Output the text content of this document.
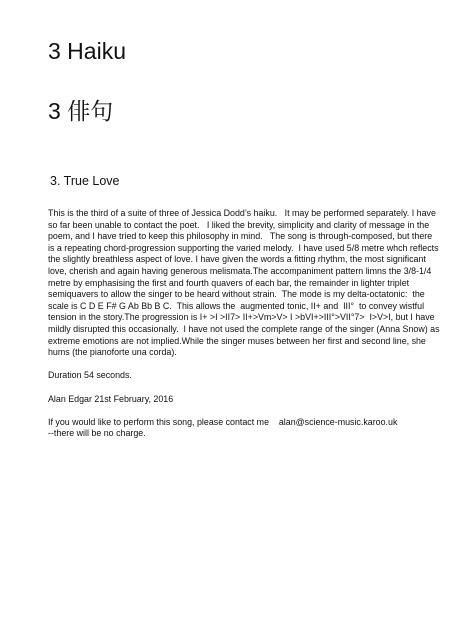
3 Haiku
3 俳句
3. True Love

This is the third of a suite of three of Jessica Dodd’s haiku.   It may be performed separately. I have so far been unable to contact the poet.   I liked the brevity, simplicity and clarity of message in the poem, and I have tried to keep this philosophy in mind.   The song is through-composed, but there is a repeating chord-progression supporting the varied melody.  I have used 5/8 metre whch reflects the slightly breathless aspect of love. I have given the words a fitting rhythm, the most significant love, cherish and again having generous melismata.The accompaniment pattern limns the 3/8-1/4 metre by emphasising the first and fourth quavers of each bar, the remainder in lighter triplet semiquavers to allow the singer to be heard without strain.  The mode is my delta-octatonic:  the scale is C D E F# G Ab Bb B C.  This allows the  augmented tonic, II+ and  III°  to convey wistful tension in the story.The progression is I+ >I >II7> II+>Vm>V> I >bVI+>III°>VII°7>  I>V>I, but I have mildly disrupted this occasionally.  I have not used the complete range of the singer (Anna Snow) as extreme emotions are not implied.While the singer muses between her first and second line, she hums (the pianoforte una corda).

Duration 54 seconds.

Alan Edgar 21st February, 2016

If you would like to perform this song, please contact me    alan@science-music.karoo.uk
--there will be no charge.
